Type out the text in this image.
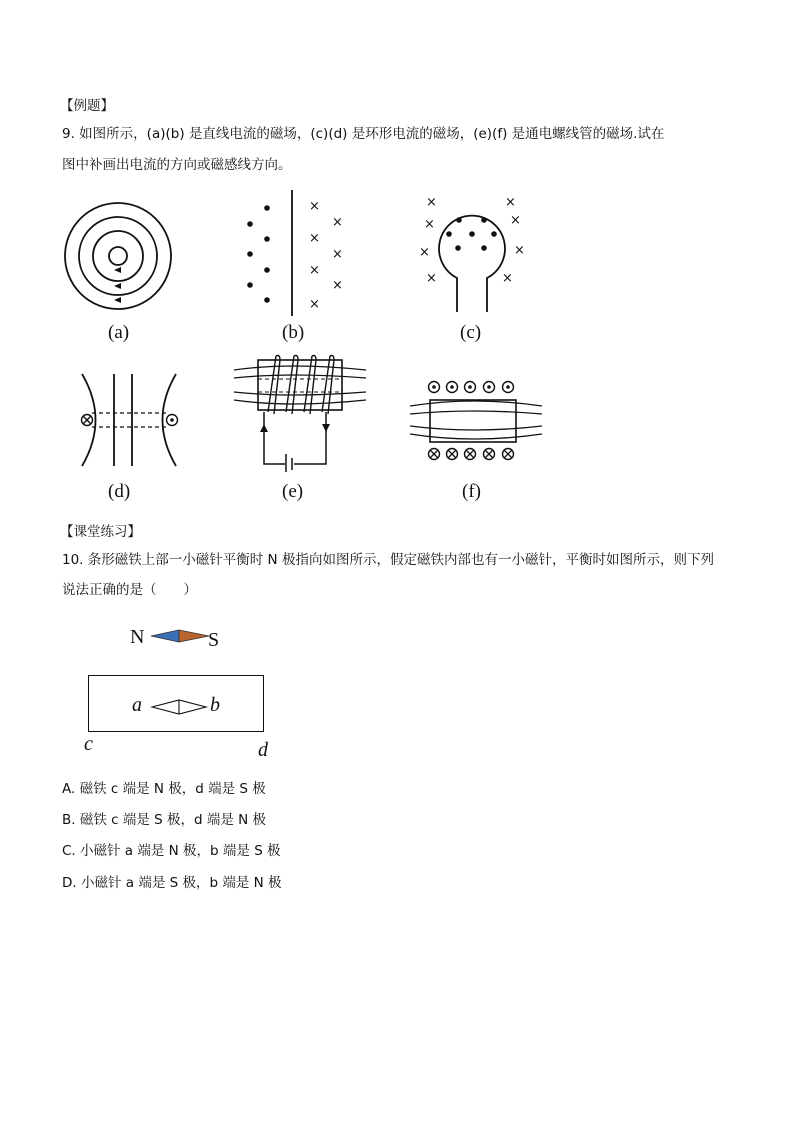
【例题】
9. 如图所示，(a)(b) 是直线电流的磁场，(c)(d) 是环形电流的磁场，(e)(f) 是通电螺线管的磁场.试在
图中补画出电流的方向或磁感线方向。
(a)
×
×
×
×
×
×
×
(b)
×	×
×	×
×	×
×	×
(c)
(d)	(e)	(f)
【课堂练习】
10. 条形磁铁上部一小磁针平衡时 N 极指向如图所示，假定磁铁内部也有一小磁针，平衡时如图所示，则下列
说法正确的是（　　）
N	S
a	b
c	d
A. 磁铁 c 端是 N 极，d 端是 S 极
B. 磁铁 c 端是 S 极，d 端是 N 极
C. 小磁针 a 端是 N 极，b 端是 S 极
D. 小磁针 a 端是 S 极，b 端是 N 极
